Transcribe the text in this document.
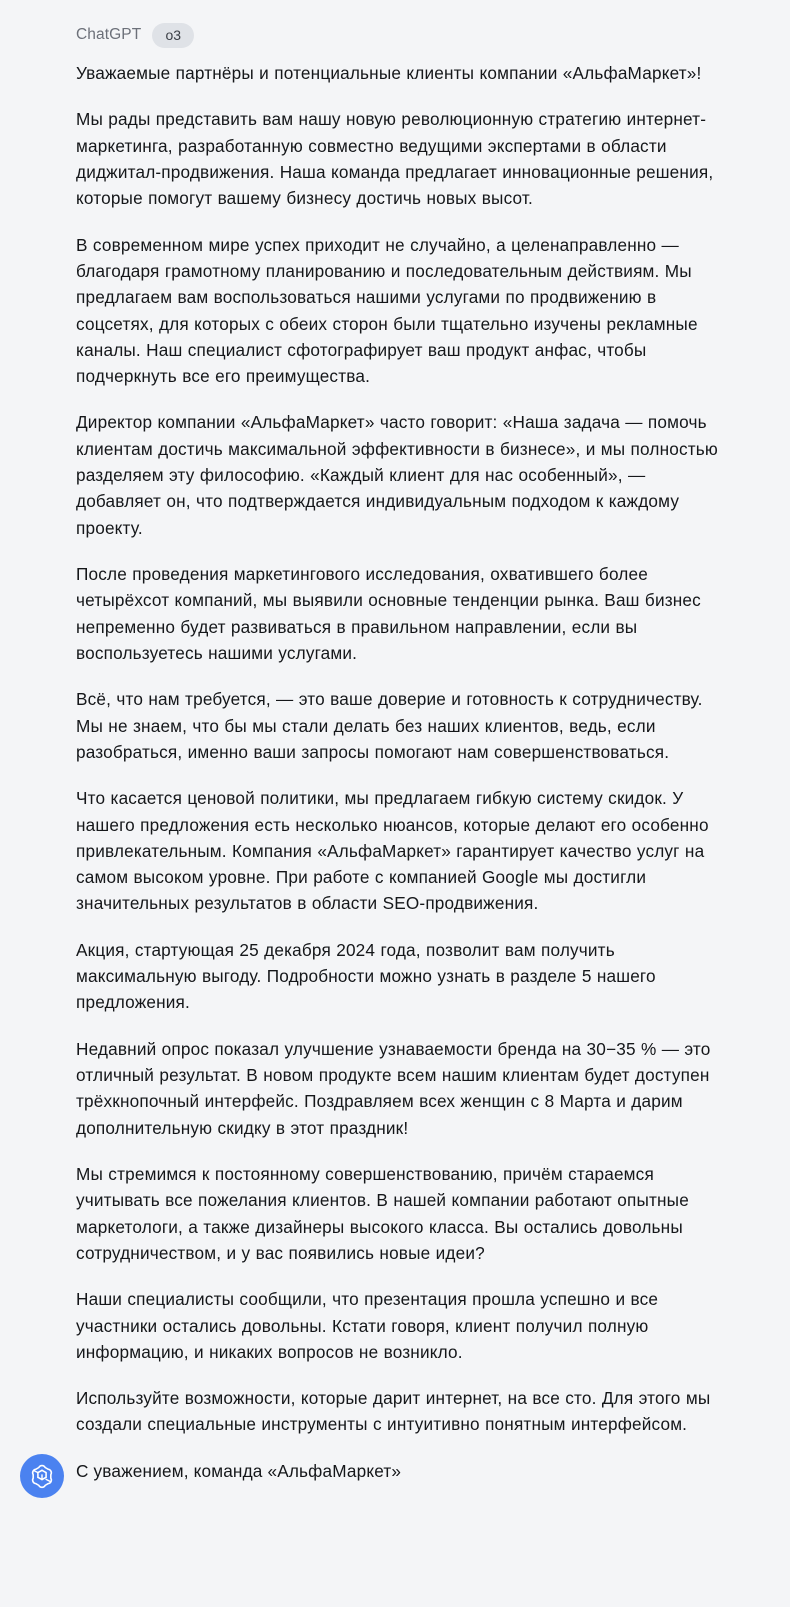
ChatGPT	o3

Уважаемые партнёры и потенциальные клиенты компании «АльфаМаркет»!

Мы рады представить вам нашу новую революционную стратегию интернет-маркетинга, разработанную совместно ведущими экспертами в области диджитал-продвижения. Наша команда предлагает инновационные решения, которые помогут вашему бизнесу достичь новых высот.

В современном мире успех приходит не случайно, а целенаправленно — благодаря грамотному планированию и последовательным действиям. Мы предлагаем вам воспользоваться нашими услугами по продвижению в соцсетях, для которых с обеих сторон были тщательно изучены рекламные каналы. Наш специалист сфотографирует ваш продукт анфас, чтобы подчеркнуть все его преимущества.

Директор компании «АльфаМаркет» часто говорит: «Наша задача — помочь клиентам достичь максимальной эффективности в бизнесе», и мы полностью разделяем эту философию. «Каждый клиент для нас особенный», — добавляет он, что подтверждается индивидуальным подходом к каждому проекту.

После проведения маркетингового исследования, охватившего более четырёхсот компаний, мы выявили основные тенденции рынка. Ваш бизнес непременно будет развиваться в правильном направлении, если вы воспользуетесь нашими услугами.

Всё, что нам требуется, — это ваше доверие и готовность к сотрудничеству. Мы не знаем, что бы мы стали делать без наших клиентов, ведь, если разобраться, именно ваши запросы помогают нам совершенствоваться.

Что касается ценовой политики, мы предлагаем гибкую систему скидок. У нашего предложения есть несколько нюансов, которые делают его особенно привлекательным. Компания «АльфаМаркет» гарантирует качество услуг на самом высоком уровне. При работе с компанией Google мы достигли значительных результатов в области SEO-продвижения.

Акция, стартующая 25 декабря 2024 года, позволит вам получить максимальную выгоду. Подробности можно узнать в разделе 5 нашего предложения.

Недавний опрос показал улучшение узнаваемости бренда на 30−35 % — это отличный результат. В новом продукте всем нашим клиентам будет доступен трёхкнопочный интерфейс. Поздравляем всех женщин с 8 Марта и дарим дополнительную скидку в этот праздник!

Мы стремимся к постоянному совершенствованию, причём стараемся учитывать все пожелания клиентов. В нашей компании работают опытные маркетологи, а также дизайнеры высокого класса. Вы остались довольны сотрудничеством, и у вас появились новые идеи?

Наши специалисты сообщили, что презентация прошла успешно и все участники остались довольны. Кстати говоря, клиент получил полную информацию, и никаких вопросов не возникло.

Используйте возможности, которые дарит интернет, на все сто. Для этого мы создали специальные инструменты с интуитивно понятным интерфейсом.

С уважением, команда «АльфаМаркет»
